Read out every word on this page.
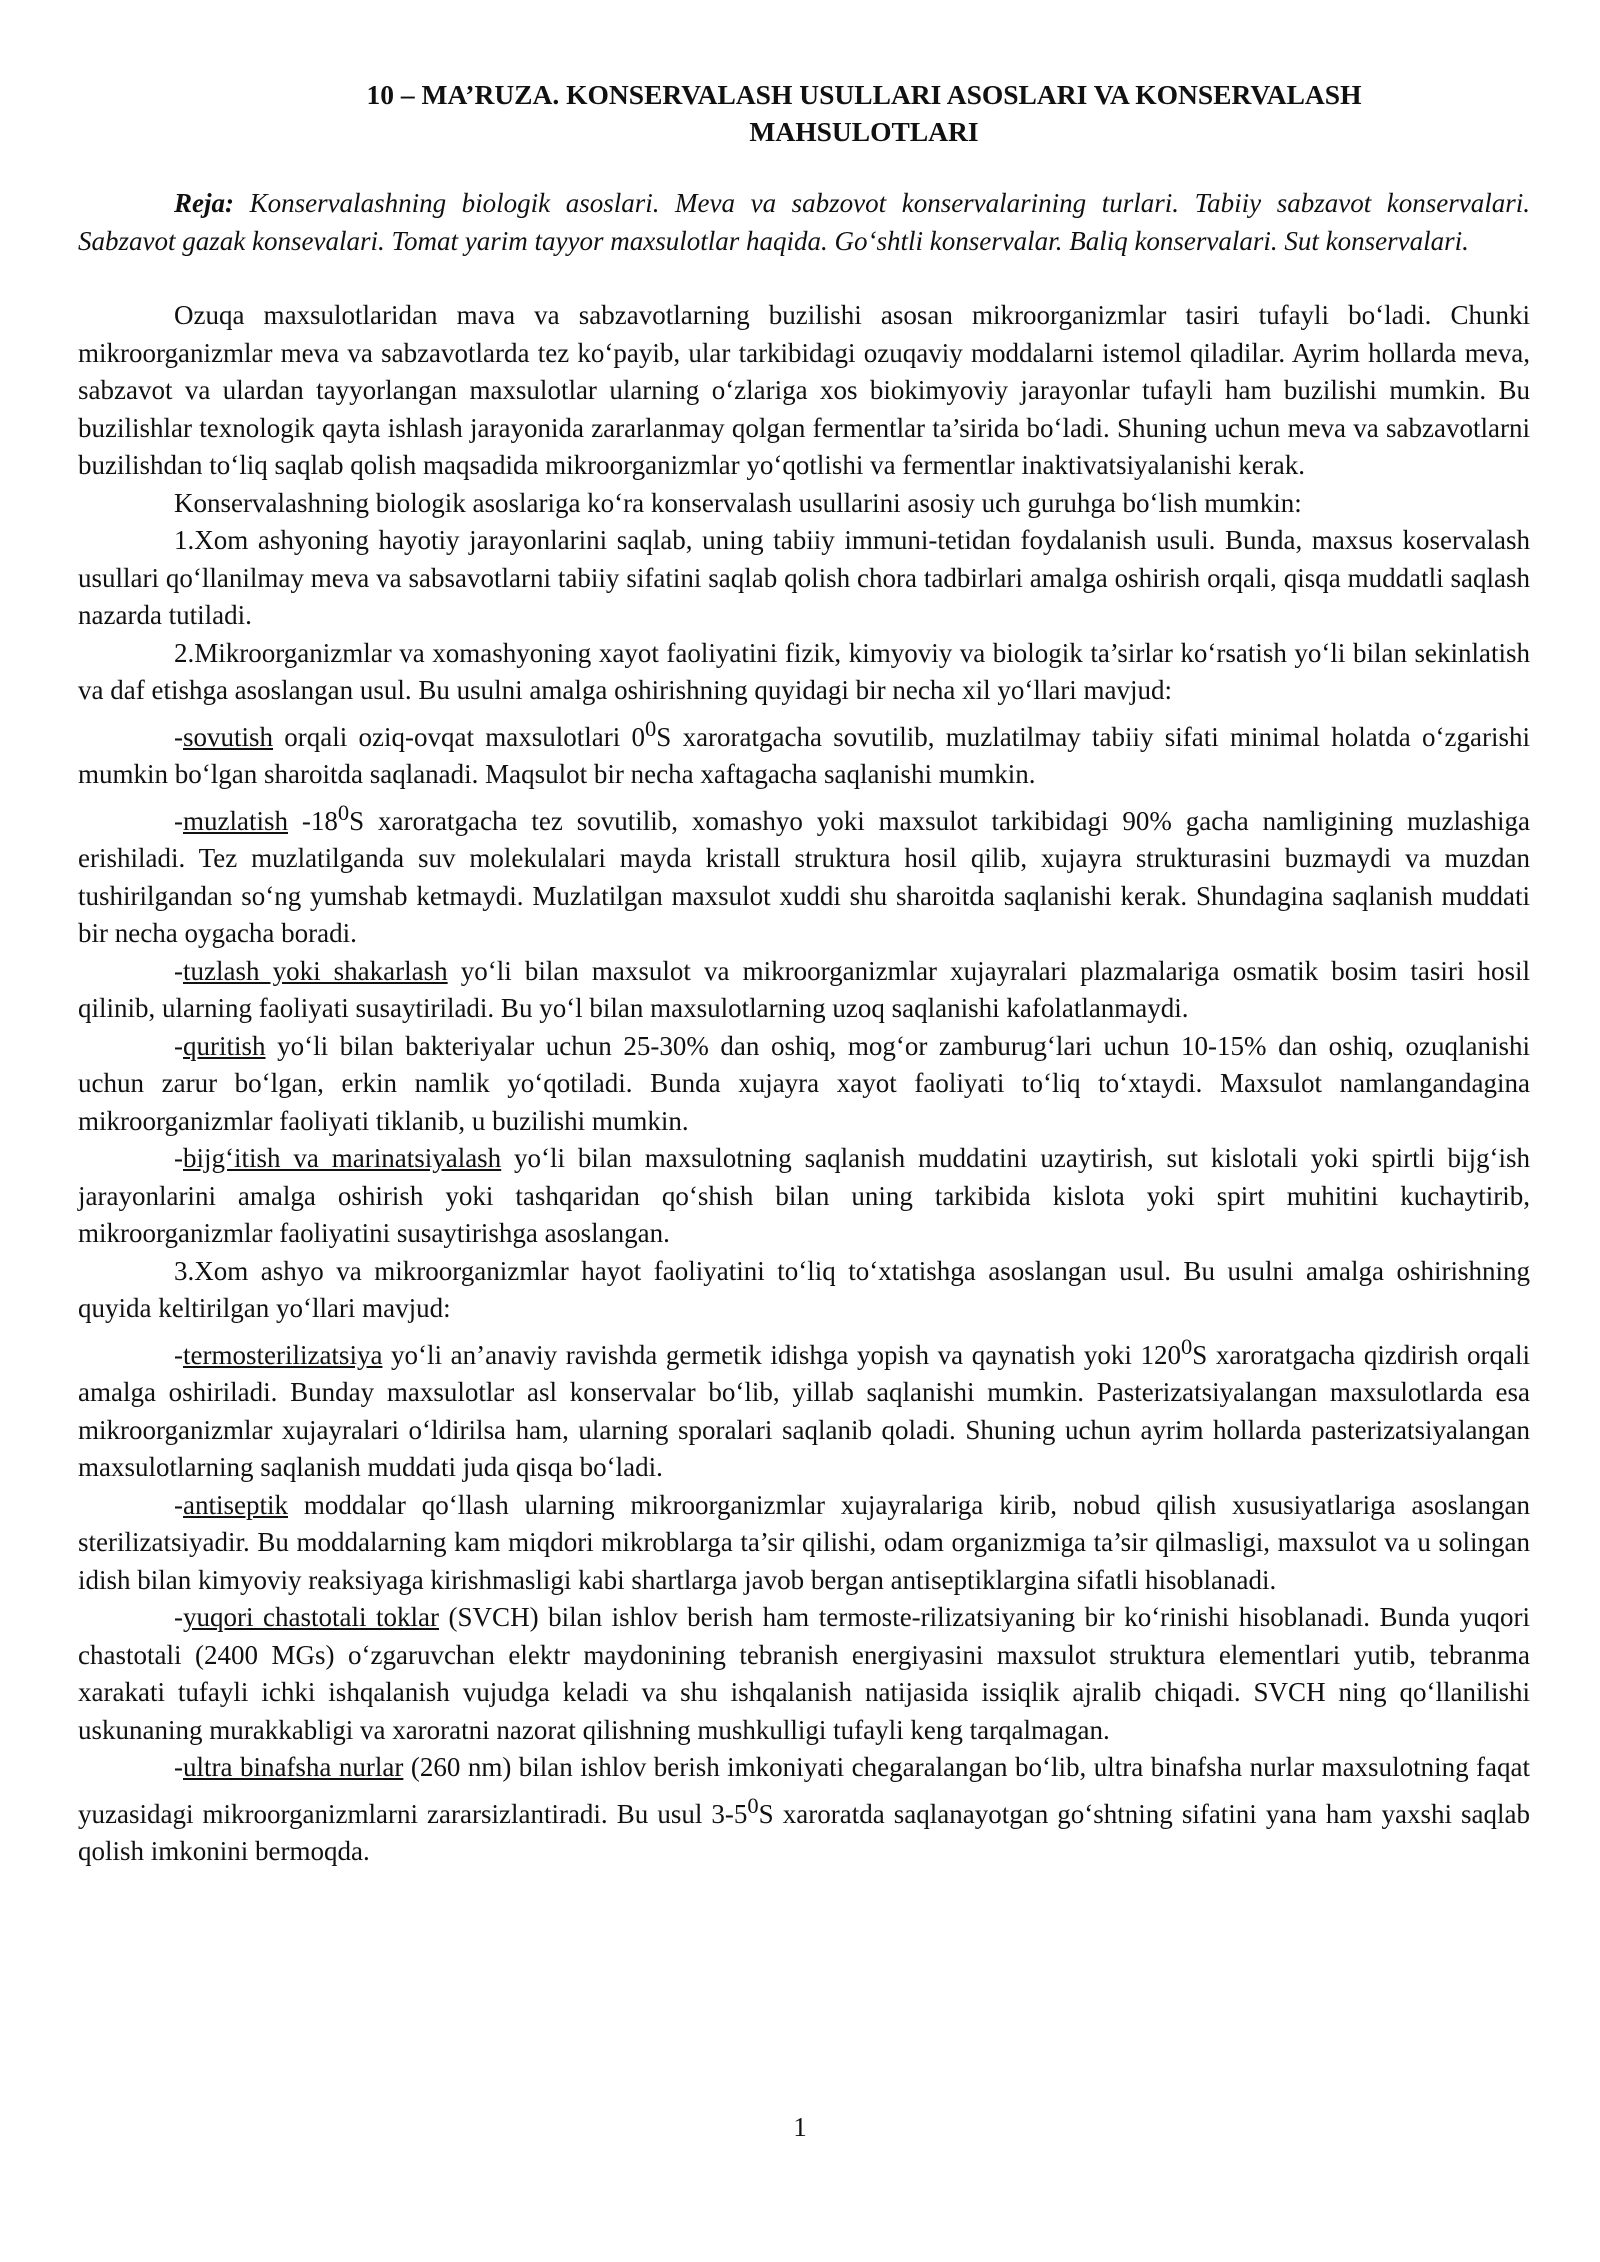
10 – MA’RUZA. KONSERVALASH USULLARI ASOSLARI VA KONSERVALASH
MAHSULOTLARI

Reja: Konservalashning biologik asoslari. Meva va sabzovot konservalarining turlari. Tabiiy sabzavot konservalari. Sabzavot gazak konsevalari. Tomat yarim tayyor maxsulotlar haqida. Go‘shtli konservalar. Baliq konservalari. Sut konservalari.

Ozuqa maxsulotlaridan mava va sabzavotlarning buzilishi asosan mikroorganizmlar tasiri tufayli bo‘ladi. Chunki mikroorganizmlar meva va sabzavotlarda tez ko‘payib, ular tarkibidagi ozuqaviy moddalarni istemol qiladilar. Ayrim hollarda meva, sabzavot va ulardan tayyorlangan maxsulotlar ularning o‘zlariga xos biokimyoviy jarayonlar tufayli ham buzilishi mumkin. Bu buzilishlar texnologik qayta ishlash jarayonida zararlanmay qolgan fermentlar ta’sirida bo‘ladi. Shuning uchun meva va sabzavotlarni buzilishdan to‘liq saqlab qolish maqsadida mikroorganizmlar yo‘qotlishi va fermentlar inaktivatsiyalanishi kerak.

Konservalashning biologik asoslariga ko‘ra konservalash usullarini asosiy uch guruhga bo‘lish mumkin:

1.Xom ashyoning hayotiy jarayonlarini saqlab, uning tabiiy immuni-tetidan foydalanish usuli. Bunda, maxsus koservalash usullari qo‘llanilmay meva va sabsavotlarni tabiiy sifatini saqlab qolish chora tadbirlari amalga oshirish orqali, qisqa muddatli saqlash nazarda tutiladi.

2.Mikroorganizmlar va xomashyoning xayot faoliyatini fizik, kimyoviy va biologik ta’sirlar ko‘rsatish yo‘li bilan sekinlatish va daf etishga asoslangan usul. Bu usulni amalga oshirishning quyidagi bir necha xil yo‘llari mavjud:

-sovutish orqali oziq-ovqat maxsulotlari $0^0S$ xaroratgacha sovutilib, muzlatilmay tabiiy sifati minimal holatda o‘zgarishi mumkin bo‘lgan sharoitda saqlanadi. Maqsulot bir necha xaftagacha saqlanishi mumkin.

-muzlatish $-18^0S$ xaroratgacha tez sovutilib, xomashyo yoki maxsulot tarkibidagi 90% gacha namligining muzlashiga erishiladi. Tez muzlatilganda suv molekulalari mayda kristall struktura hosil qilib, xujayra strukturasini buzmaydi va muzdan tushirilgandan so‘ng yumshab ketmaydi. Muzlatilgan maxsulot xuddi shu sharoitda saqlanishi kerak. Shundagina saqlanish muddati bir necha oygacha boradi.

-tuzlash yoki shakarlash yo‘li bilan maxsulot va mikroorganizmlar xujayralari plazmalariga osmatik bosim tasiri hosil qilinib, ularning faoliyati susaytiriladi. Bu yo‘l bilan maxsulotlarning uzoq saqlanishi kafolatlanmaydi.

-quritish yo‘li bilan bakteriyalar uchun 25-30% dan oshiq, mog‘or zamburug‘lari uchun 10-15% dan oshiq, ozuqlanishi uchun zarur bo‘lgan, erkin namlik yo‘qotiladi. Bunda xujayra xayot faoliyati to‘liq to‘xtaydi. Maxsulot namlangandagina mikroorganizmlar faoliyati tiklanib, u buzilishi mumkin.

-bijg‘itish va marinatsiyalash yo‘li bilan maxsulotning saqlanish muddatini uzaytirish, sut kislotali yoki spirtli bijg‘ish jarayonlarini amalga oshirish yoki tashqaridan qo‘shish bilan uning tarkibida kislota yoki spirt muhitini kuchaytirib, mikroorganizmlar faoliyatini susaytirishga asoslangan.

3.Xom ashyo va mikroorganizmlar hayot faoliyatini to‘liq to‘xtatishga asoslangan usul. Bu usulni amalga oshirishning quyida keltirilgan yo‘llari mavjud:

-termosterilizatsiya yo‘li an’anaviy ravishda germetik idishga yopish va qaynatish yoki $120^0S$ xaroratgacha qizdirish orqali amalga oshiriladi. Bunday maxsulotlar asl konservalar bo‘lib, yillab saqlanishi mumkin. Pasterizatsiyalangan maxsulotlarda esa mikroorganizmlar xujayralari o‘ldirilsa ham, ularning sporalari saqlanib qoladi. Shuning uchun ayrim hollarda pasterizatsiyalangan maxsulotlarning saqlanish muddati juda qisqa bo‘ladi.

-antiseptik moddalar qo‘llash ularning mikroorganizmlar xujayralariga kirib, nobud qilish xususiyatlariga asoslangan sterilizatsiyadir. Bu moddalarning kam miqdori mikroblarga ta’sir qilishi, odam organizmiga ta’sir qilmasligi, maxsulot va u solingan idish bilan kimyoviy reaksiyaga kirishmasligi kabi shartlarga javob bergan antiseptiklargina sifatli hisoblanadi.

-yuqori chastotali toklar (SVCH) bilan ishlov berish ham termoste-rilizatsiyaning bir ko‘rinishi hisoblanadi. Bunda yuqori chastotali (2400 MGs) o‘zgaruvchan elektr maydonining tebranish energiyasini maxsulot struktura elementlari yutib, tebranma xarakati tufayli ichki ishqalanish vujudga keladi va shu ishqalanish natijasida issiqlik ajralib chiqadi. SVCH ning qo‘llanilishi uskunaning murakkabligi va xaroratni nazorat qilishning mushkulligi tufayli keng tarqalmagan.

-ultra binafsha nurlar (260 nm) bilan ishlov berish imkoniyati chegaralangan bo‘lib, ultra binafsha nurlar maxsulotning faqat yuzasidagi mikroorganizmlarni zararsizlantiradi. Bu usul $3-5^0S$ xaroratda saqlanayotgan go‘shtning sifatini yana ham yaxshi saqlab qolish imkonini bermoqda.

1
